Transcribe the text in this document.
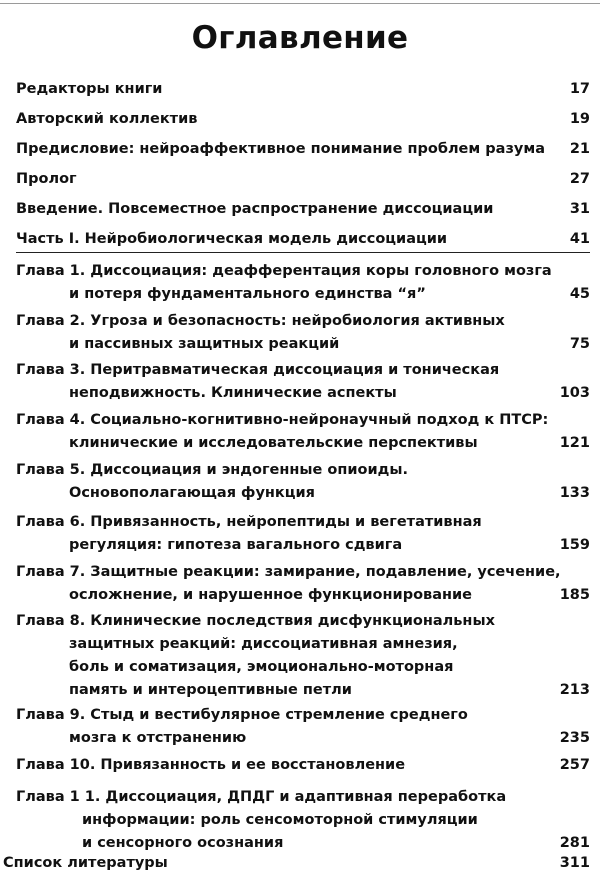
Оглавление
Редакторы книги	17
Авторский коллектив	19
Предисловие: нейроаффективное понимание проблем разума 21
Пролог	27
Введение. Повсеместное распространение диссоциации	31
Часть I. Нейробиологическая модель диссоциации	41
Глава 1. Диссоциация: деафферентация коры головного мозга
и потеря фундаментального единства “я”	45
Глава 2. Угроза и безопасность: нейробиология активных
и пассивных защитных реакций	75
Глава 3. Перитравматическая диссоциация и тоническая
неподвижность. Клинические аспекты	103
Глава 4. Социально-когнитивно-нейронаучный подход к ПТСР:
клинические и исследовательские перспективы	121
Глава 5. Диссоциация и эндогенные опиоиды.
Основополагающая функция	133
Глава 6. Привязанность, нейропептиды и вегетативная
регуляция: гипотеза вагального сдвига	159
Глава 7. Защитные реакции: замирание, подавление, усечение,
осложнение, и нарушенное функционирование	185
Глава 8. Клинические последствия дисфункциональных
защитных реакций: диссоциативная амнезия,
боль и соматизация, эмоционально-моторная
память и интероцептивные петли	213
Глава 9. Стыд и вестибулярное стремление среднего
мозга к отстранению	235
Глава 10. Привязанность и ее восстановление	257
Глава 1 1. Диссоциация, ДПДГ и адаптивная переработка
информации: роль сенсомоторной стимуляции
и сенсорного осознания	281
Список литературы	311
